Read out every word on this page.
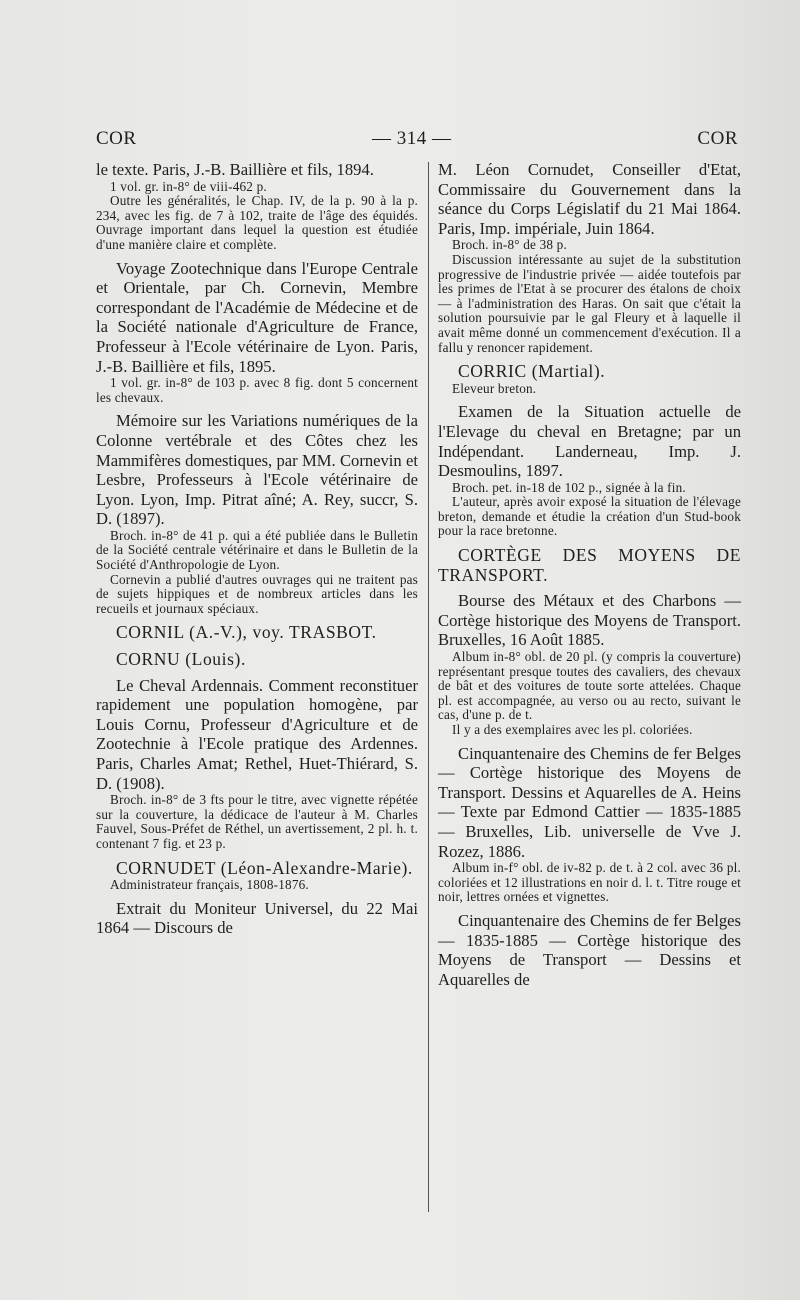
COR	— 314 —	COR

le texte. Paris, J.-B. Baillière et fils, 1894.

1 vol. gr. in-8° de viii-462 p.

Outre les généralités, le Chap. IV, de la p. 90 à la p. 234, avec les fig. de 7 à 102, traite de l'âge des équidés. Ouvrage important dans lequel la question est étudiée d'une manière claire et complète.

Voyage Zootechnique dans l'Europe Centrale et Orientale, par Ch. Cornevin, Membre correspondant de l'Académie de Médecine et de la Société nationale d'Agriculture de France, Professeur à l'Ecole vétérinaire de Lyon. Paris, J.-B. Baillière et fils, 1895.

1 vol. gr. in-8° de 103 p. avec 8 fig. dont 5 concernent les chevaux.

Mémoire sur les Variations numériques de la Colonne vertébrale et des Côtes chez les Mammifères domestiques, par MM. Cornevin et Lesbre, Professeurs à l'Ecole vétérinaire de Lyon. Lyon, Imp. Pitrat aîné; A. Rey, succr, S. D. (1897).

Broch. in-8° de 41 p. qui a été publiée dans le Bulletin de la Société centrale vétérinaire et dans le Bulletin de la Société d'Anthropologie de Lyon.

Cornevin a publié d'autres ouvrages qui ne traitent pas de sujets hippiques et de nombreux articles dans les recueils et journaux spéciaux.

CORNIL (A.-V.), voy. TRASBOT.

CORNU (Louis).

Le Cheval Ardennais. Comment reconstituer rapidement une population homogène, par Louis Cornu, Professeur d'Agriculture et de Zootechnie à l'Ecole pratique des Ardennes. Paris, Charles Amat; Rethel, Huet-Thiérard, S. D. (1908).

Broch. in-8° de 3 fts pour le titre, avec vignette répétée sur la couverture, la dédicace de l'auteur à M. Charles Fauvel, Sous-Préfet de Réthel, un avertissement, 2 pl. h. t. contenant 7 fig. et 23 p.

CORNUDET (Léon-Alexandre-Marie).

Administrateur français, 1808-1876.

Extrait du Moniteur Universel, du 22 Mai 1864 — Discours de

M. Léon Cornudet, Conseiller d'Etat, Commissaire du Gouvernement dans la séance du Corps Législatif du 21 Mai 1864. Paris, Imp. impériale, Juin 1864.

Broch. in-8° de 38 p.

Discussion intéressante au sujet de la substitution progressive de l'industrie privée — aidée toutefois par les primes de l'Etat à se procurer des étalons de choix — à l'administration des Haras. On sait que c'était la solution poursuivie par le gal Fleury et à laquelle il avait même donné un commencement d'exécution. Il a fallu y renoncer rapidement.

CORRIC (Martial).

Eleveur breton.

Examen de la Situation actuelle de l'Elevage du cheval en Bretagne; par un Indépendant. Landerneau, Imp. J. Desmoulins, 1897.

Broch. pet. in-18 de 102 p., signée à la fin.

L'auteur, après avoir exposé la situation de l'élevage breton, demande et étudie la création d'un Stud-book pour la race bretonne.

CORTÈGE DES MOYENS DE TRANSPORT.

Bourse des Métaux et des Charbons — Cortège historique des Moyens de Transport. Bruxelles, 16 Août 1885.

Album in-8° obl. de 20 pl. (y compris la couverture) représentant presque toutes des cavaliers, des chevaux de bât et des voitures de toute sorte attelées. Chaque pl. est accompagnée, au verso ou au recto, suivant le cas, d'une p. de t.

Il y a des exemplaires avec les pl. coloriées.

Cinquantenaire des Chemins de fer Belges — Cortège historique des Moyens de Transport. Dessins et Aquarelles de A. Heins — Texte par Edmond Cattier — 1835-1885 — Bruxelles, Lib. universelle de Vve J. Rozez, 1886.

Album in-f° obl. de iv-82 p. de t. à 2 col. avec 36 pl. coloriées et 12 illustrations en noir d. l. t. Titre rouge et noir, lettres ornées et vignettes.

Cinquantenaire des Chemins de fer Belges — 1835-1885 — Cortège historique des Moyens de Transport — Dessins et Aquarelles de
